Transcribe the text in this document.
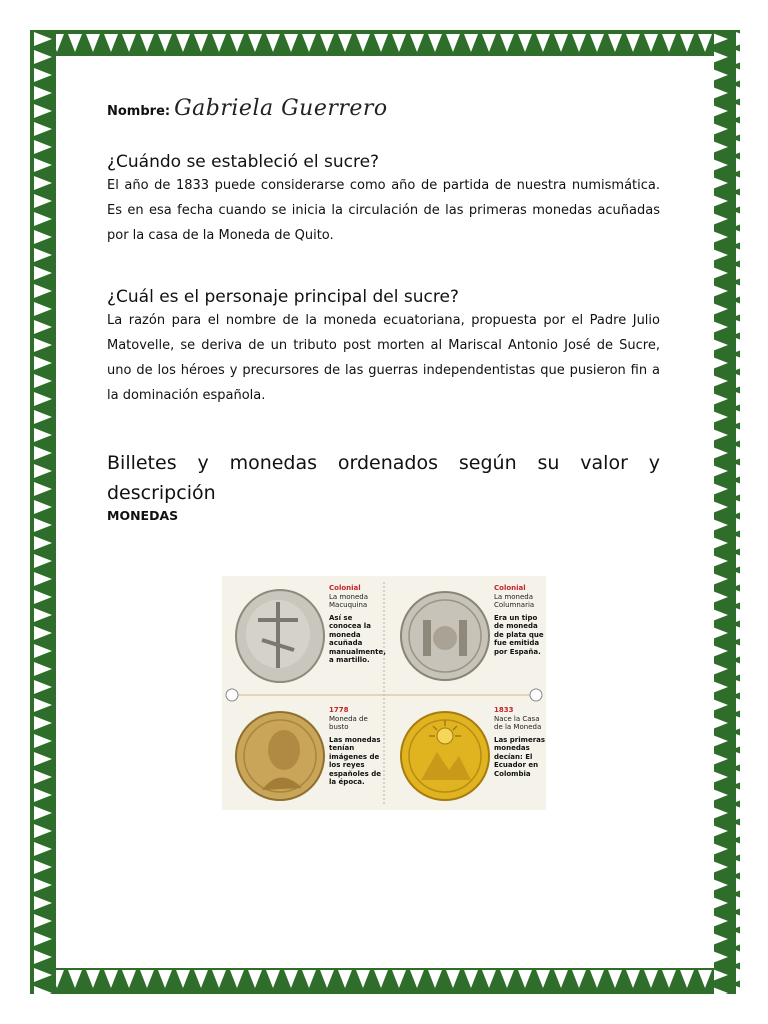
Nombre: Gabriela Guerrero
¿Cuándo se estableció el sucre?

El año de 1833 puede considerarse como año de partida de nuestra numismática. Es en esa fecha cuando se inicia la circulación de las primeras monedas acuñadas por la casa de la Moneda de Quito.

¿Cuál es el personaje principal del sucre?

La razón para el nombre de la moneda ecuatoriana, propuesta por el Padre Julio Matovelle, se deriva de un tributo post morten al Mariscal Antonio José de Sucre, uno de los héroes y precursores de las guerras independentistas que pusieron fin a la dominación española.

Billetes y monedas ordenados según su valor y descripción

MONEDAS

Colonial
La moneda Macuquina
Así se conocea la moneda acuñada manualmente, a martillo.
Colonial
La moneda Columnaria
Era un tipo de moneda de plata que fue emitida por España.
1778
Moneda de busto
Las monedas tenían imágenes de los reyes españoles de la época.
1833
Nace la Casa de la Moneda
Las primeras monedas decían: El Ecuador en Colombia
